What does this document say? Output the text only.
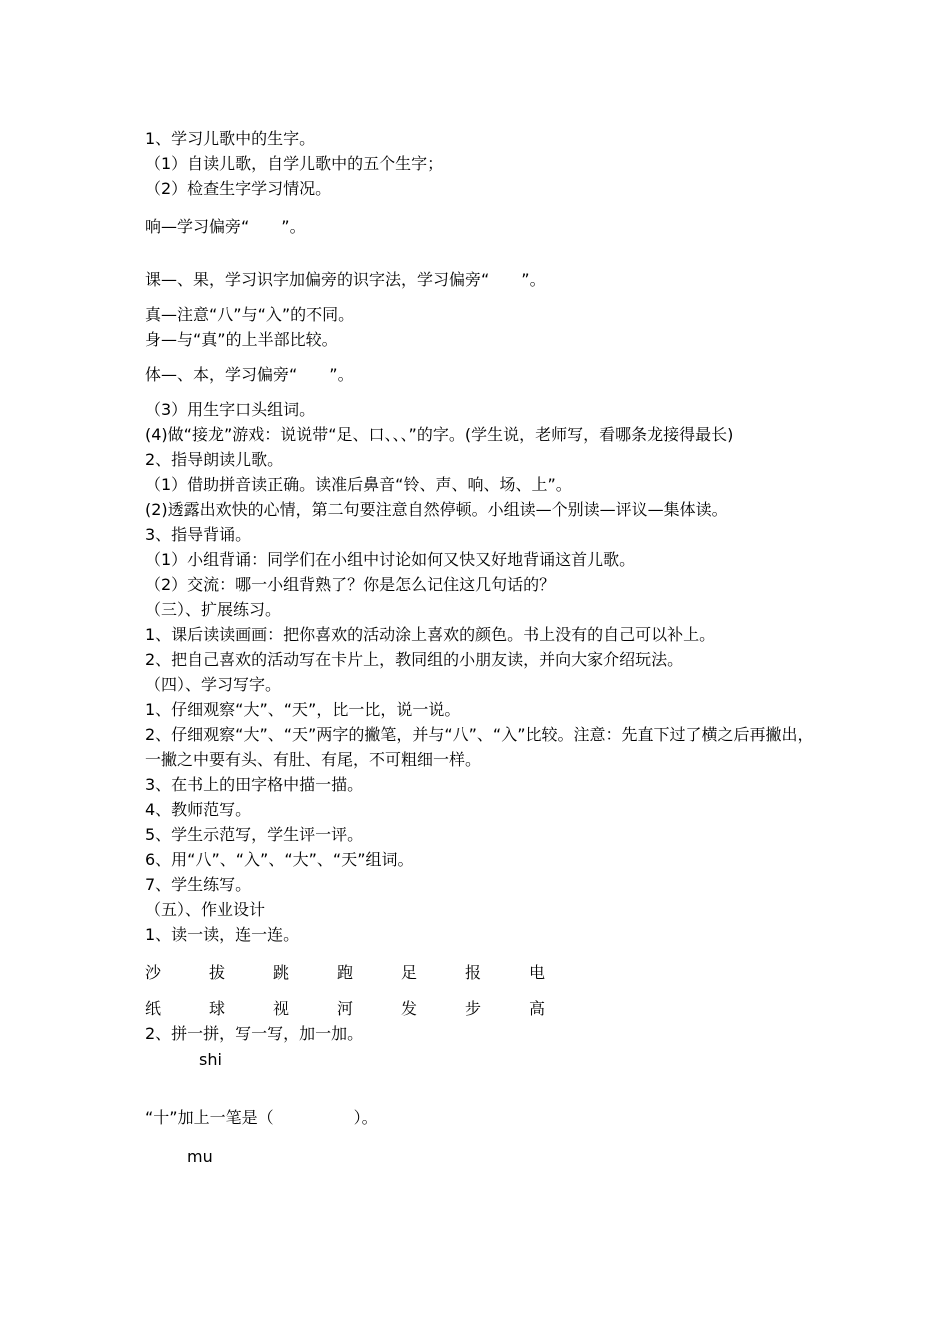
1、学习儿歌中的生字。
（1）自读儿歌，自学儿歌中的五个生字；
（2）检查生字学习情况。
响—学习偏旁“　　”。
课—、果，学习识字加偏旁的识字法，学习偏旁“　　”。
真—注意“八”与“入”的不同。
身—与“真”的上半部比较。
体—、本，学习偏旁“　　”。
（3）用生字口头组词。
(4)做“接龙”游戏：说说带“足、口、、、”的字。(学生说，老师写，看哪条龙接得最长)
2、指导朗读儿歌。
（1）借助拼音读正确。读准后鼻音“铃、声、响、场、上”。
(2)透露出欢快的心情，第二句要注意自然停顿。小组读—个别读—评议—集体读。
3、指导背诵。
（1）小组背诵：同学们在小组中讨论如何又快又好地背诵这首儿歌。
（2）交流：哪一小组背熟了？你是怎么记住这几句话的？
（三）、扩展练习。
1、课后读读画画：把你喜欢的活动涂上喜欢的颜色。书上没有的自己可以补上。
2、把自己喜欢的活动写在卡片上，教同组的小朋友读，并向大家介绍玩法。
（四）、学习写字。
1、仔细观察“大”、“天”，比一比，说一说。
2、仔细观察“大”、“天”两字的撇笔，并与“八”、“入”比较。注意：先直下过了横之后再撇出，一撇之中要有头、有肚、有尾，不可粗细一样。
3、在书上的田字格中描一描。
4、教师范写。
5、学生示范写，学生评一评。
6、用“八”、“入”、“大”、“天”组词。
7、学生练写。
（五）、作业设计
1、读一读，连一连。
沙	拔	跳	跑	足	报	电
纸	球	视	河	发	步	高
2、拼一拼，写一写，加一加。
shi
“十”加上一笔是（　　　　　）。
mu
